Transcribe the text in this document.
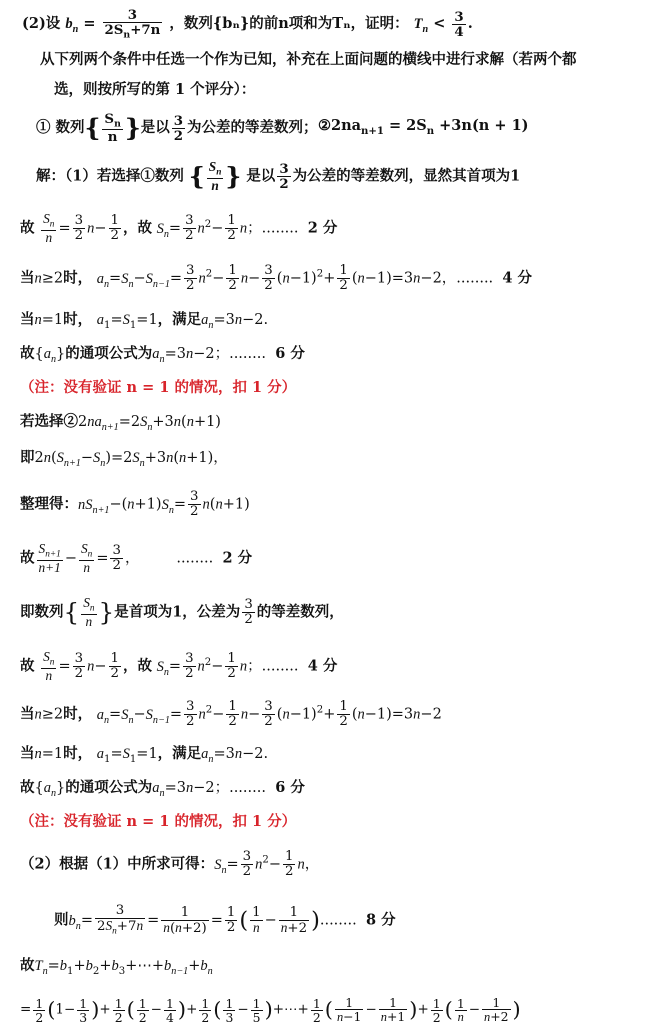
(2)设 $b_n = \frac{3}{2S_n+7n}$ ，数列{bₙ}的前n项和为Tₙ，证明： $T_n < \frac{3}{4}$ .
从下列两个条件中任选一个作为已知，补充在上面问题的横线中进行求解（若两个都
选，则按所写的第 1 个评分）：
① 数列{ $\frac{S_n}{n}$ }是以 $\frac{3}{2}$ 为公差的等差数列； $②2na_{n+1} = 2S_n +3n(n + 1)$
解：（1）若选择①数列 { $\frac{S_n}{n}$ } 是以 $\frac{3}{2}$ 为公差的等差数列，显然其首项为1
故 $\frac{S_n}{n} = \frac{3}{2} n- \frac{1}{2}$ ，故 $S_n= \frac{3}{2} n^2- \frac{1}{2}$ n；........ 2 分
当n≥2时， $a_n=S_n-S_{n-1}= \frac{3}{2} n^2- \frac{1}{2} n- \frac{3}{2} (n-1)^2+ \frac{1}{2} (n-1)=3n-2$，........ 4 分
当n=1时， $a_1=S_1=1$，满足$a_n=3n-2$.
故$\{a_n\}$的通项公式为$a_n=3n-2$；........ 6 分
（注：没有验证 n = 1 的情况，扣 1 分）
若选择$②2na_{n+1}=2S_n+3n(n+1)$
即$2n(S_{n+1}-S_n)=2S_n+3n(n+1)$，
整理得：$nS_{n+1}-(n+1)S_n= \frac{3}{2} n(n+1)$
故 $\frac{S_{n+1}}{n+1} - \frac{S_n}{n} = \frac{3}{2}$ ，        ........ 2 分
即数列{ $\frac{S_n}{n}$ }是首项为1，公差为 $\frac{3}{2}$ 的等差数列，
故 $\frac{S_n}{n} = \frac{3}{2} n- \frac{1}{2}$ ，故 $S_n= \frac{3}{2} n^2- \frac{1}{2}$ n；........ 4 分
当n≥2时， $a_n=S_n-S_{n-1}= \frac{3}{2} n^2- \frac{1}{2} n- \frac{3}{2} (n-1)^2+ \frac{1}{2} (n-1)=3n-2$
当n=1时， $a_1=S_1=1$，满足$a_n=3n-2$.
故$\{a_n\}$的通项公式为$a_n=3n-2$；........ 6 分
（注：没有验证 n = 1 的情况，扣 1 分）
（2）根据（1）中所求可得：$S_n= \frac{3}{2} n^2- \frac{1}{2}$ n，
则$b_n= \frac{3}{2S_n+7n} = \frac{1}{n(n+2)} = \frac{1}{2}$ ( $\frac{1}{n} - \frac{1}{n+2}$ )........ 8 分
故$T_n=b_1+b_2+b_3+\cdots+b_{n-1}+b_n$
= $\frac{1}{2} (1- \frac{1}{3}$ )+ $\frac{1}{2}$ ( $\frac{1}{2} - \frac{1}{4}$ )+ $\frac{1}{2}$ ( $\frac{1}{3} - \frac{1}{5}$ )+⋯+ $\frac{1}{2}$ ( $\frac{1}{n-1} - \frac{1}{n+1}$ )+ $\frac{1}{2}$ ( $\frac{1}{n} - \frac{1}{n+2}$ )
